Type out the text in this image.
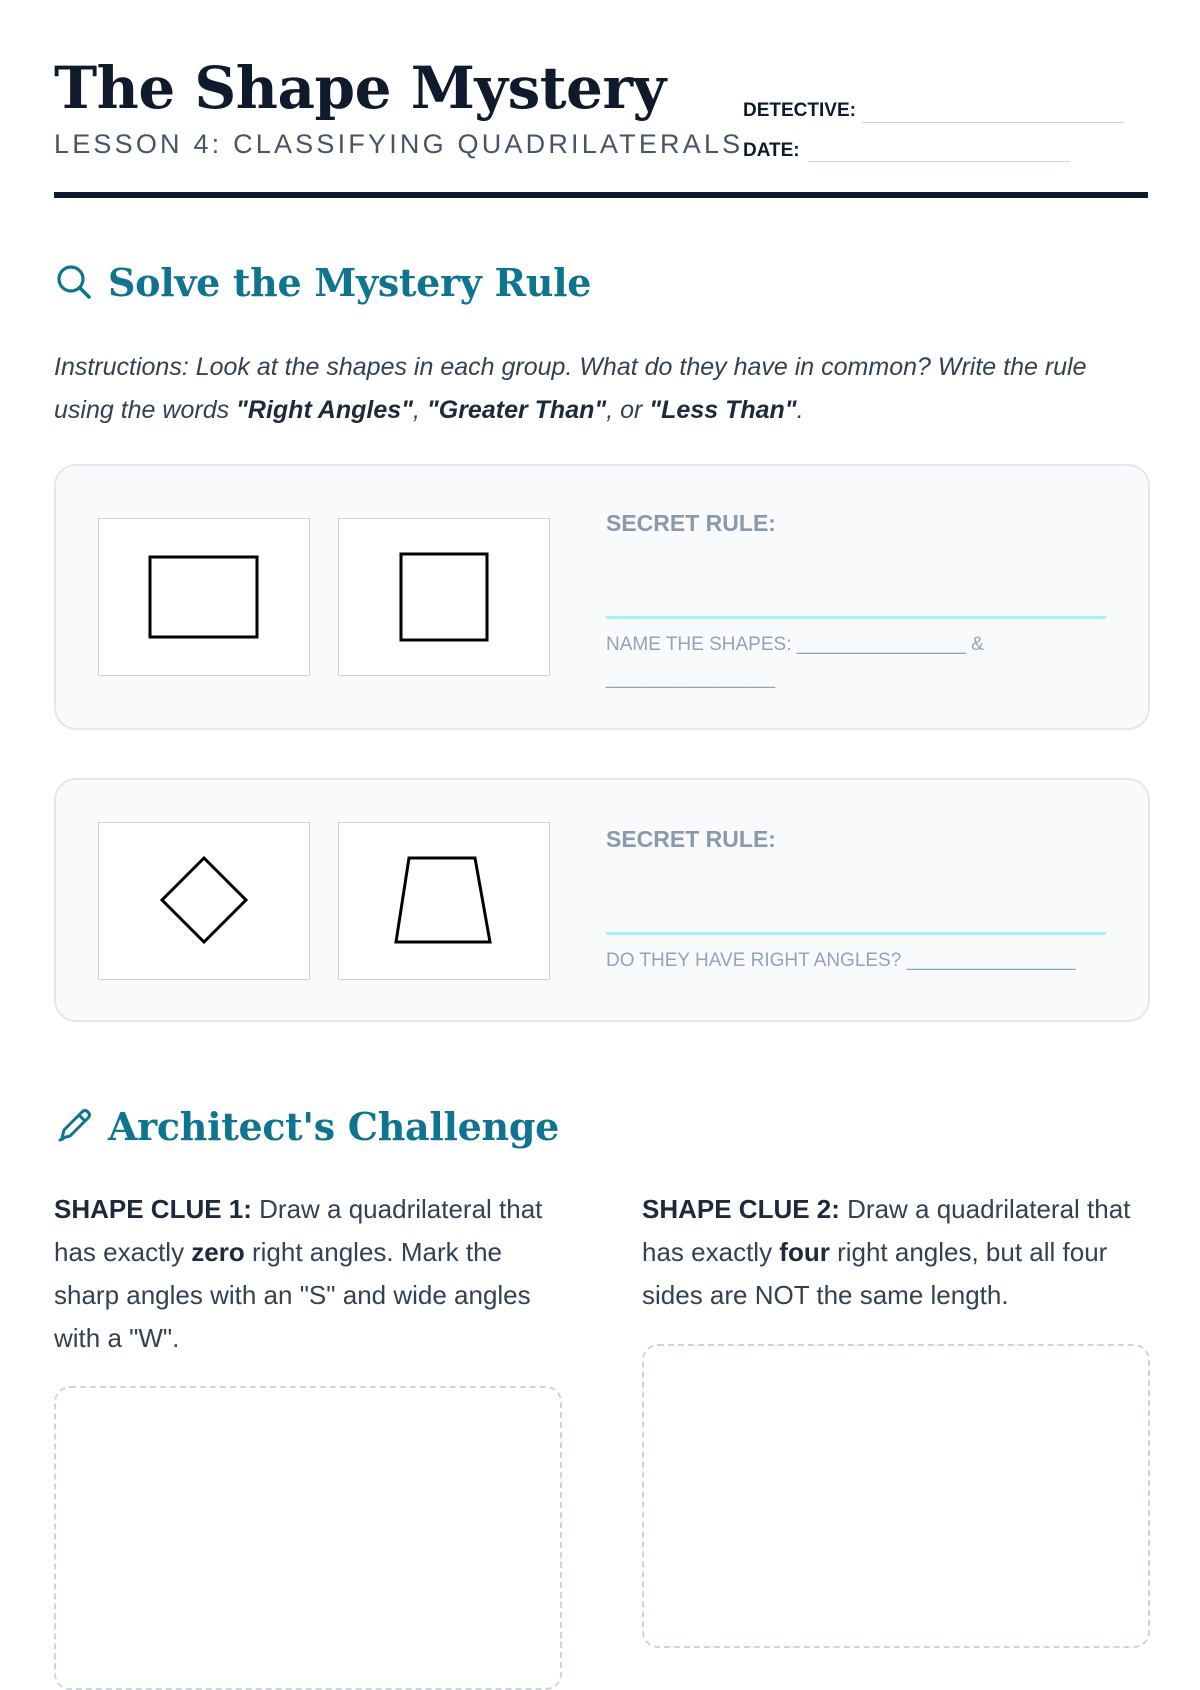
The Shape Mystery
LESSON 4: CLASSIFYING QUADRILATERALS
DETECTIVE:
DATE:
Solve the Mystery Rule

Instructions: Look at the shapes in each group. What do they have in common? Write the rule using the words "Right Angles", "Greater Than", or "Less Than".

SECRET RULE:
NAME THE SHAPES: ________________ & ________________
SECRET RULE:
DO THEY HAVE RIGHT ANGLES? ________________
Architect's Challenge

SHAPE CLUE 1: Draw a quadrilateral that has exactly zero right angles. Mark the sharp angles with an "S" and wide angles with a "W".

SHAPE CLUE 2: Draw a quadrilateral that has exactly four right angles, but all four sides are NOT the same length.
